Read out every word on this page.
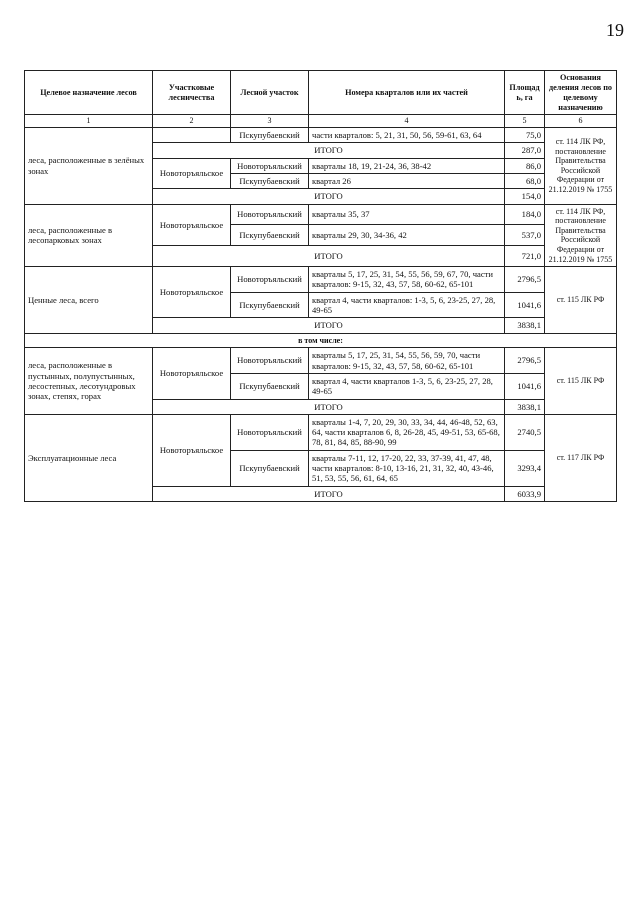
19
Целевое назначение лесов	Участковые лесничества	Лесной участок	Номера кварталов или их частей	Площадь, га	Основания деления лесов по целевому назначению
1	2	3	4	5	6
леса, расположенные в зелёных зонах		Пскупубаевский	части кварталов: 5, 21, 31, 50, 56, 59-61, 63, 64	75,0	ст. 114 ЛК РФ, постановление Правительства Российской Федерации от 21.12.2019 № 1755
	ИТОГО			287,0	
	Новоторъяльское	Новоторъяльский	кварталы 18, 19, 21-24, 36, 38-42	86,0	
		Пскупубаевский	квартал 26	68,0	
	ИТОГО			154,0	
леса, расположенные в лесопарковых зонах	Новоторъяльское	Новоторъяльский	кварталы 35, 37	184,0	ст. 114 ЛК РФ, постановление Правительства Российской Федерации от 21.12.2019 № 1755
		Пскупубаевский	кварталы 29, 30, 34-36, 42	537,0	
	ИТОГО			721,0	
Ценные леса, всего	Новоторъяльское	Новоторъяльский	кварталы 5, 17, 25, 31, 54, 55, 56, 59, 67, 70, части кварталов: 9-15, 32, 43, 57, 58, 60-62, 65-101	2796,5	ст. 115 ЛК РФ
		Пскупубаевский	квартал 4, части кварталов: 1-3, 5, 6, 23-25, 27, 28, 49-65	1041,6	
	ИТОГО			3838,1	
в том числе:					
леса, расположенные в пустынных, полупустынных, лесостепных, лесотундровых зонах, степях, горах	Новоторъяльское	Новоторъяльский	кварталы 5, 17, 25, 31, 54, 55, 56, 59, 70, части кварталов: 9-15, 32, 43, 57, 58, 60-62, 65-101	2796,5	ст. 115 ЛК РФ
		Пскупубаевский	квартал 4, части кварталов 1-3, 5, 6, 23-25, 27, 28, 49-65	1041,6	
	ИТОГО			3838,1	
Эксплуатационные леса	Новоторъяльское	Новоторъяльский	кварталы 1-4, 7, 20, 29, 30, 33, 34, 44, 46-48, 52, 63, 64, части кварталов 6, 8, 26-28, 45, 49-51, 53, 65-68, 78, 81, 84, 85, 88-90, 99	2740,5	ст. 117 ЛК РФ
		Пскупубаевский	кварталы 7-11, 12, 17-20, 22, 33, 37-39, 41, 47, 48, части кварталов: 8-10, 13-16, 21, 31, 32, 40, 43-46, 51, 53, 55, 56, 61, 64, 65	3293,4	
	ИТОГО			6033,9	
